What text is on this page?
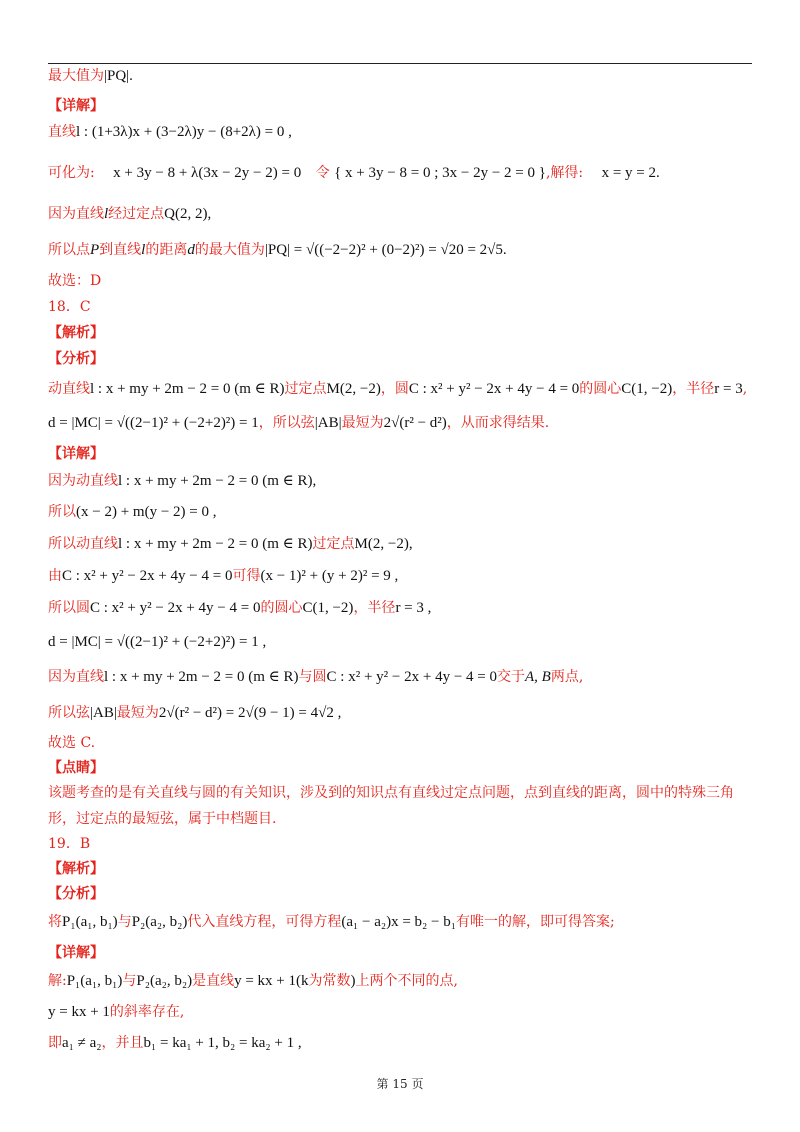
最大值为|PQ|.
【详解】
直线l : (1+3λ)x + (3−2λ)y − (8+2λ) = 0 ,
可化为: x + 3y − 8 + λ(3x − 2y − 2) = 0 令 { x + 3y − 8 = 0 ; 3x − 2y − 2 = 0 },解得: x = y = 2.
因为直线l经过定点Q(2, 2),
所以点P到直线l的距离d的最大值为|PQ| = √((−2−2)² + (0−2)²) = √20 = 2√5.
故选：D
18．C
【解析】
【分析】
动直线l : x + my + 2m − 2 = 0 (m ∈ R)过定点M(2, −2)，圆C : x² + y² − 2x + 4y − 4 = 0的圆心C(1, −2)，半径r = 3,
d = |MC| = √((2−1)² + (−2+2)²) = 1，所以弦|AB|最短为2√(r² − d²)，从而求得结果.
【详解】
因为动直线l : x + my + 2m − 2 = 0 (m ∈ R),
所以(x − 2) + m(y − 2) = 0 ,
所以动直线l : x + my + 2m − 2 = 0 (m ∈ R)过定点M(2, −2),
由C : x² + y² − 2x + 4y − 4 = 0可得(x − 1)² + (y + 2)² = 9 ,
所以圆C : x² + y² − 2x + 4y − 4 = 0的圆心C(1, −2)，半径r = 3 ,
d = |MC| = √((2−1)² + (−2+2)²) = 1 ,
因为直线l : x + my + 2m − 2 = 0 (m ∈ R)与圆C : x² + y² − 2x + 4y − 4 = 0交于A, B两点,
所以弦|AB|最短为2√(r² − d²) = 2√(9 − 1) = 4√2 ,
故选 C.
【点睛】
该题考查的是有关直线与圆的有关知识，涉及到的知识点有直线过定点问题，点到直线的距离，圆中的特殊三角形，过定点的最短弦，属于中档题目.
19．B
【解析】
【分析】
将P₁(a₁, b₁)与P₂(a₂, b₂)代入直线方程，可得方程(a₁ − a₂)x = b₂ − b₁有唯一的解，即可得答案;
【详解】
解:P₁(a₁, b₁)与P₂(a₂, b₂)是直线y = kx + 1(k为常数)上两个不同的点,
y = kx + 1的斜率存在,
即a₁ ≠ a₂，并且b₁ = ka₁ + 1, b₂ = ka₂ + 1 ,
第 15 页
